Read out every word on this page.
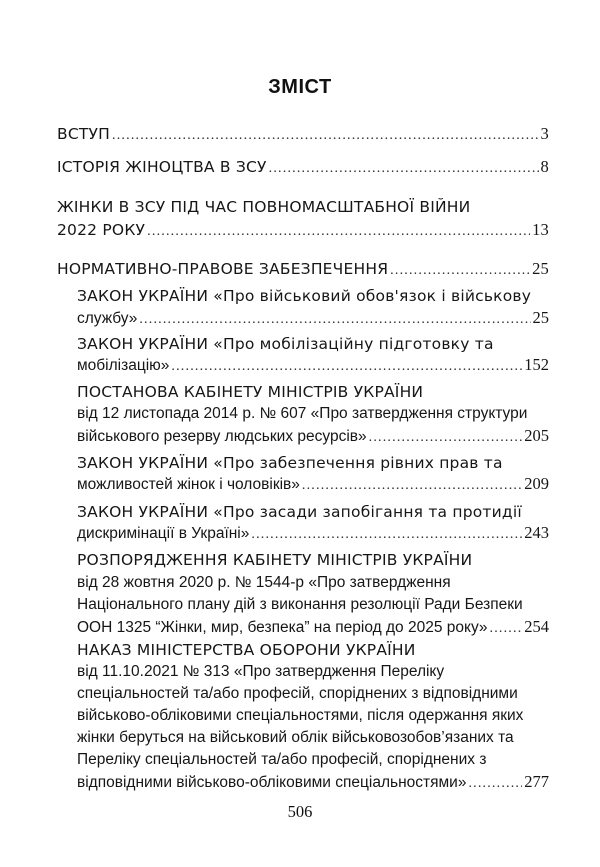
ЗМІСТ
ВСТУП .....	3
ІСТОРІЯ ЖІНОЦТВА В ЗСУ .....	8
ЖІНКИ В ЗСУ ПІД ЧАС ПОВНОМАСШТАБНОЇ ВІЙНИ
2022 РОКУ .....	13
НОРМАТИВНО-ПРАВОВЕ ЗАБЕЗПЕЧЕННЯ .....	25
ЗАКОН УКРАЇНИ «Про військовий обов'язок і військову
службу» .....	25
ЗАКОН УКРАЇНИ «Про мобілізаційну підготовку та
мобілізацію» .....	152
ПОСТАНОВА КАБІНЕТУ МІНІСТРІВ УКРАЇНИ
від 12 листопада 2014 р. № 607 «Про затвердження структури
військового резерву людських ресурсів» .....	205
ЗАКОН УКРАЇНИ «Про забезпечення рівних прав та
можливостей жінок і чоловіків» .....	209
ЗАКОН УКРАЇНИ «Про засади запобігання та протидії
дискримінації в Україні» .....	243
РОЗПОРЯДЖЕННЯ КАБІНЕТУ МІНІСТРІВ УКРАЇНИ
від 28 жовтня 2020 р. № 1544-р «Про затвердження
Національного плану дій з виконання резолюції Ради Безпеки
ООН 1325 “Жінки, мир, безпека” на період до 2025 року» ..... 254
НАКАЗ МІНІСТЕРСТВА ОБОРОНИ УКРАЇНИ
від 11.10.2021 № 313 «Про затвердження Переліку
спеціальностей та/або професій, споріднених з відповідними
військово-обліковими спеціальностями, після одержання яких
жінки беруться на військовий облік військовозобов’язаних та
Переліку спеціальностей та/або професій, споріднених з
відповідними військово-обліковими спеціальностями» .....	277
506
